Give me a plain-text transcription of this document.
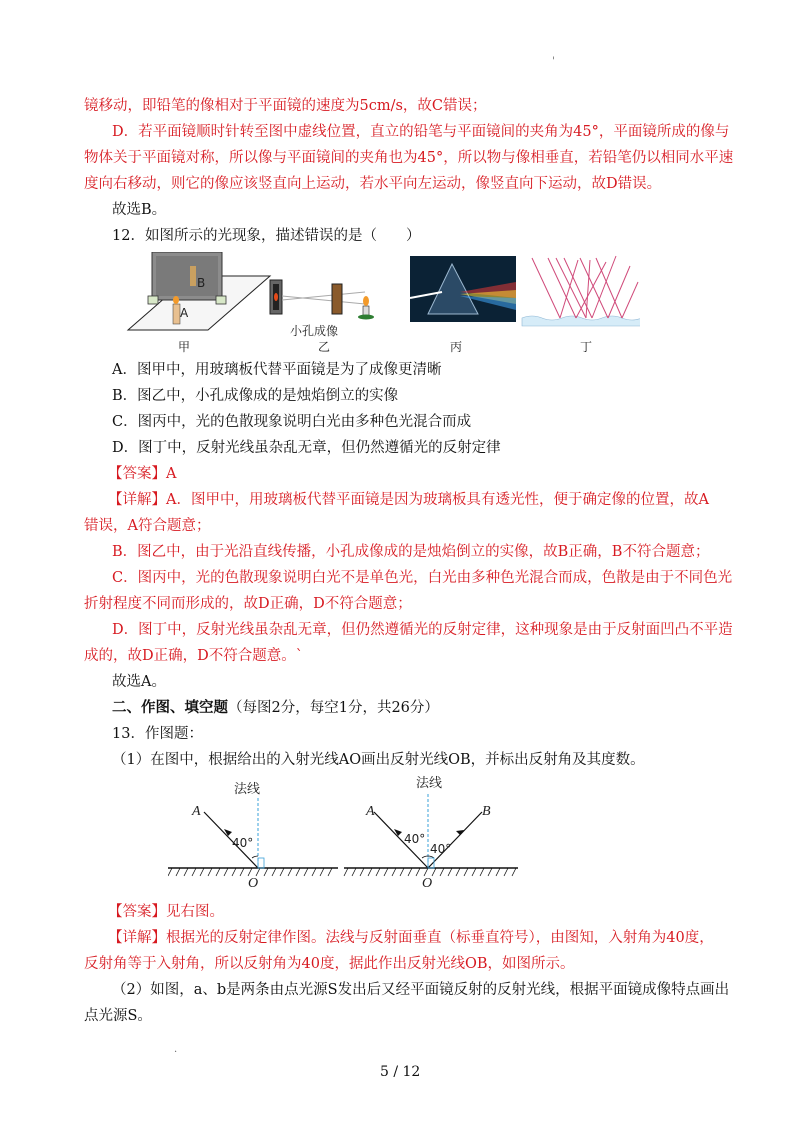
'
镜移动，即铅笔的像相对于平面镜的速度为5cm/s，故C错误；
D．若平面镜顺时针转至图中虚线位置，直立的铅笔与平面镜间的夹角为45°，平面镜所成的像与
物体关于平面镜对称，所以像与平面镜间的夹角也为45°，所以物与像相垂直，若铅笔仍以相同水平速
度向右移动，则它的像应该竖直向上运动，若水平向左运动，像竖直向下运动，故D错误。
故选B。
12．如图所示的光现象，描述错误的是（　　）
B
A
小孔成像
甲	乙	丙	丁
A．图甲中，用玻璃板代替平面镜是为了成像更清晰
B．图乙中，小孔成像成的是烛焰倒立的实像
C．图丙中，光的色散现象说明白光由多种色光混合而成
D．图丁中，反射光线虽杂乱无章，但仍然遵循光的反射定律
【答案】A
【详解】A．图甲中，用玻璃板代替平面镜是因为玻璃板具有透光性，便于确定像的位置，故A
错误，A符合题意；
B．图乙中，由于光沿直线传播，小孔成像成的是烛焰倒立的实像，故B正确，B不符合题意；
C．图丙中，光的色散现象说明白光不是单色光，白光由多种色光混合而成，色散是由于不同色光
折射程度不同而形成的，故D正确，D不符合题意；
D．图丁中，反射光线虽杂乱无章，但仍然遵循光的反射定律，这种现象是由于反射面凹凸不平造
成的，故D正确，D不符合题意。`
故选A。
二、作图、填空题（每图2分，每空1分，共26分）
13．作图题：
（1）在图中，根据给出的入射光线AO画出反射光线OB，并标出反射角及其度数。
法线
A
40°
O
法线
A	B
40°
40°
O
【答案】见右图。
【详解】根据光的反射定律作图。法线与反射面垂直（标垂直符号），由图知，入射角为40度，
反射角等于入射角，所以反射角为40度，据此作出反射光线OB，如图所示。
（2）如图，a、b是两条由点光源S发出后又经平面镜反射的反射光线，根据平面镜成像特点画出
点光源S。
.
5 / 12
